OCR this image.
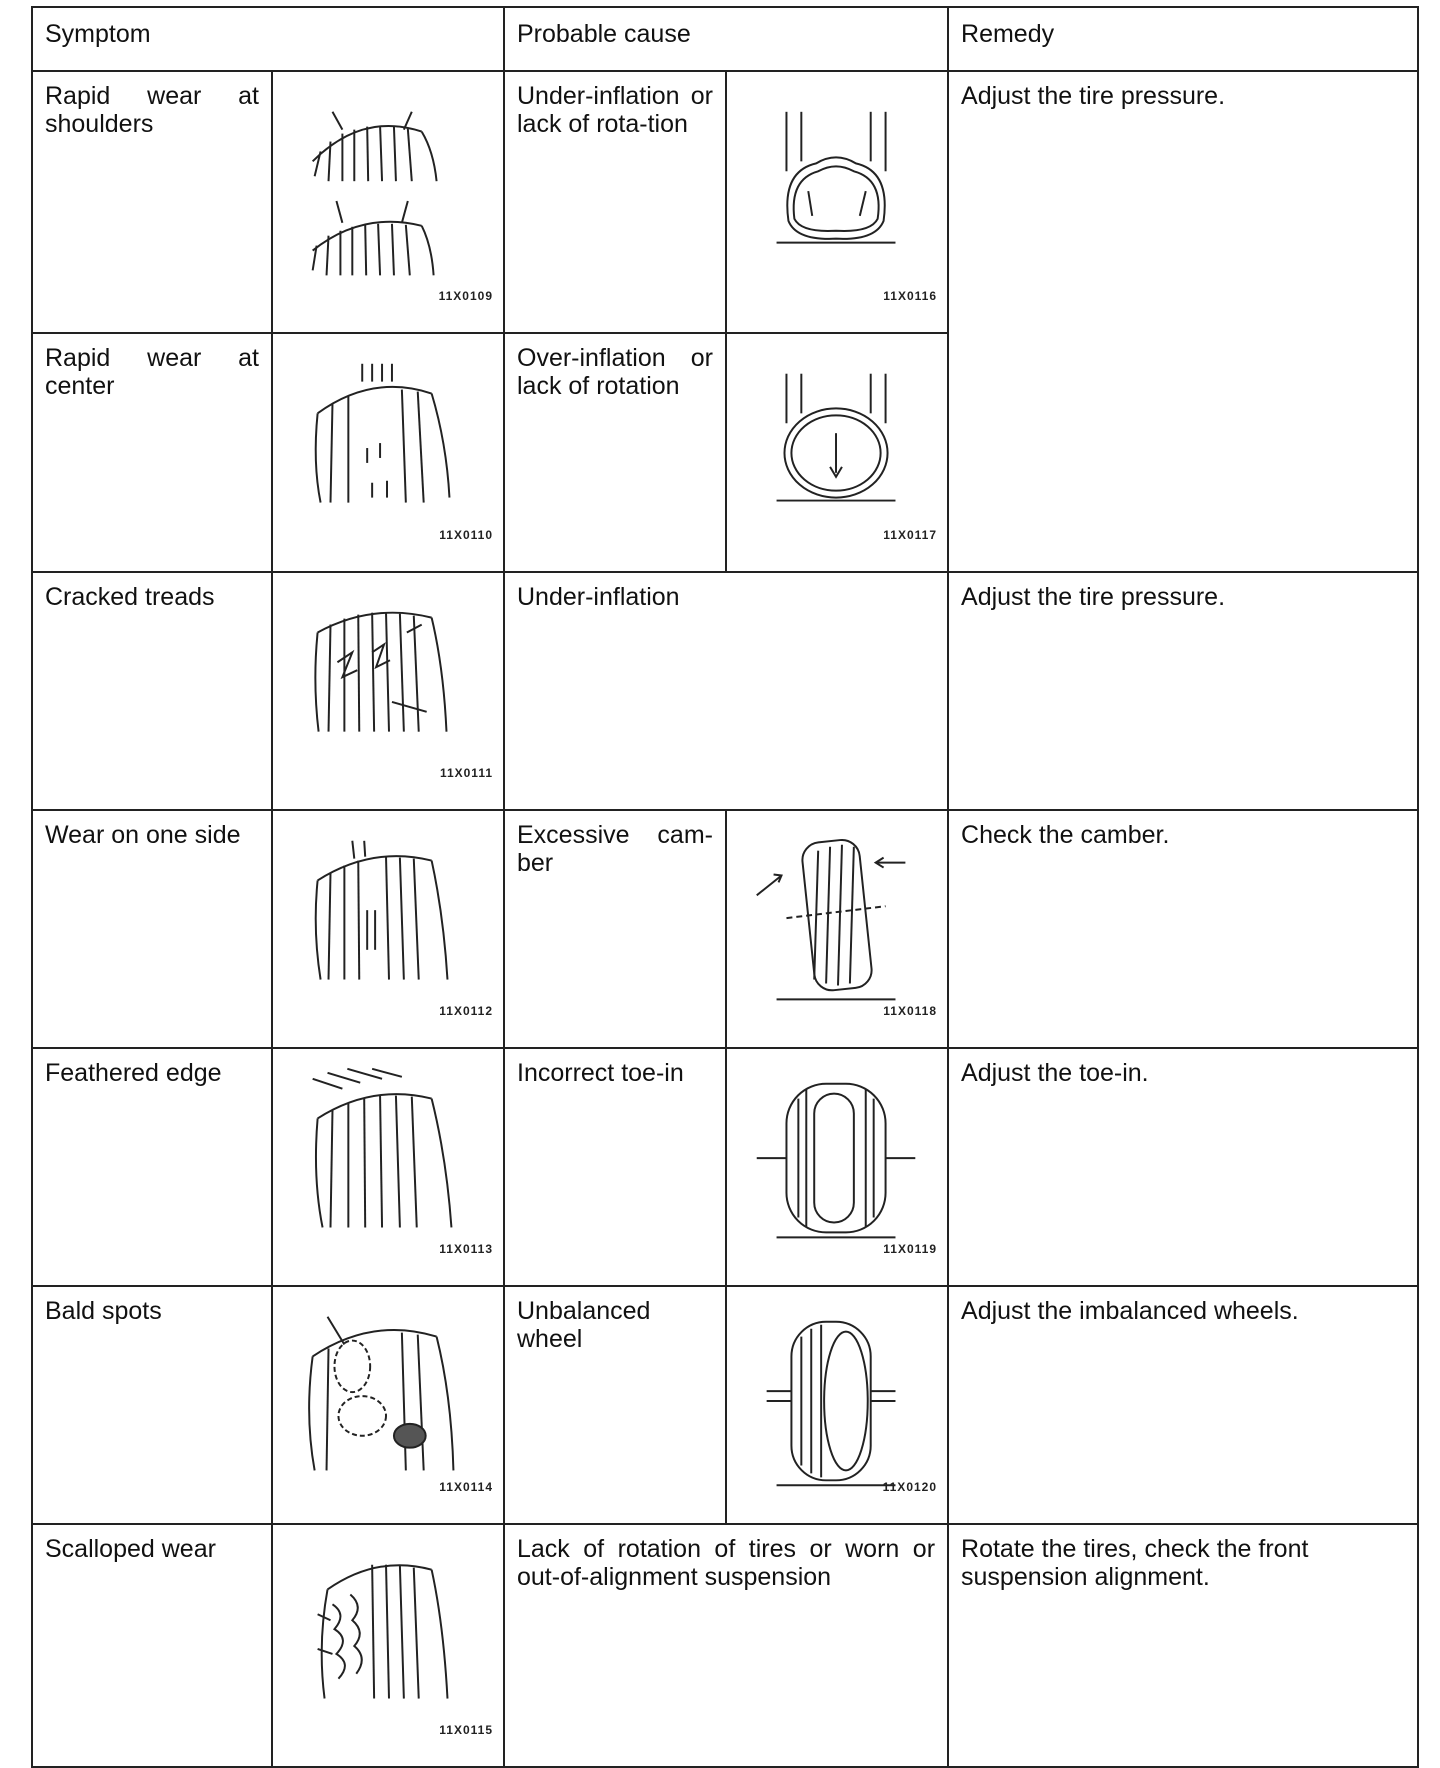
Symptom		Probable cause		Remedy
Rapid wear at shoulders	11X0109	Under-inflation or lack of rota-tion	11X0116	Adjust the tire pressure.
Rapid wear at center	11X0110	Over-inflation or lack of rotation	11X0117	

Cracked treads	11X0111	Under-inflation		Adjust the tire pressure.
Wear on one side	11X0112	Excessive cam-ber	11X0118	Check the camber.
Feathered edge	11X0113	Incorrect toe-in	11X0119	Adjust the toe-in.
Bald spots	11X0114	Unbalanced wheel	11X0120	Adjust the imbalanced wheels.
Scalloped wear	11X0115	Lack of rotation of tires or worn or out-of-alignment suspension		Rotate the tires, check the front suspension alignment.
